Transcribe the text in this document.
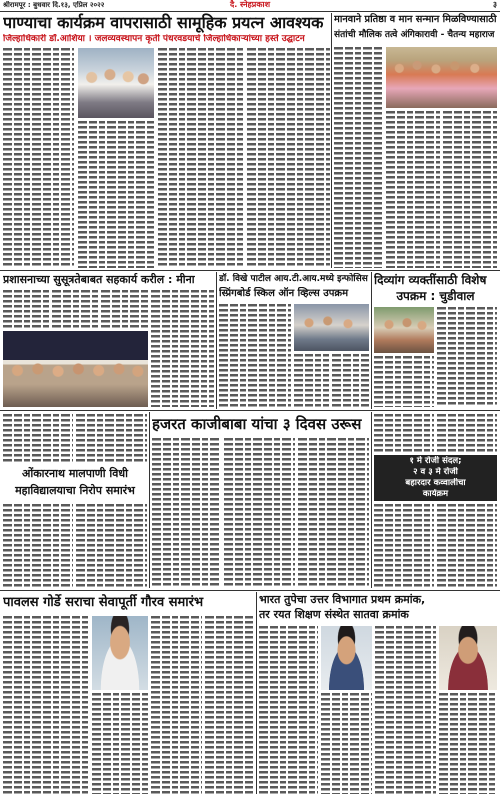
श्रीरामपूर : बुधवार दि.१३, एप्रिल २०२२	दै. स्नेहप्रकाश	३
पाण्याचा कार्यक्रम वापरासाठी सामूहिक प्रयत्न आवश्यक
जिल्हाधिकारी डॉ.आशिया । जलव्यवस्थापन कृती पंधरवडयाचे जिल्हाधिकाऱ्यांच्या हस्ते उद्घाटन
मानवाने प्रतिष्ठा व मान सन्मान मिळविण्यासाठी
संतांची मौलिक तत्वे अंगिकारावी - चैतन्य महाराज
प्रशासनाच्या सुसूत्रतेबाबत सहकार्य करील : मीना	डॉ. विखे पाटील आय.टी.आय.मध्ये इन्फोसिस
स्प्रिंगबोर्ड स्किल ऑन व्हिल्स उपक्रम
दिव्यांग व्यक्तींसाठी विशेष
उपक्रम : चुडीवाल
ओंकारनाथ मालपाणी विधी
महाविद्यालयाचा निरोप समारंभ
हजरत काजीबाबा यांचा ३ दिवस उरूस
१ मे रोजी संदल;
२ व ३ मे रोजी
बहारदार कव्वालीचा
कार्यक्रम
पावलस गोर्डे सराचा सेवापूर्ती गौरव समारंभ	भारत तुपेचा उत्तर विभागात प्रथम क्रमांक,
तर रयत शिक्षण संस्थेत सातवा क्रमांक
